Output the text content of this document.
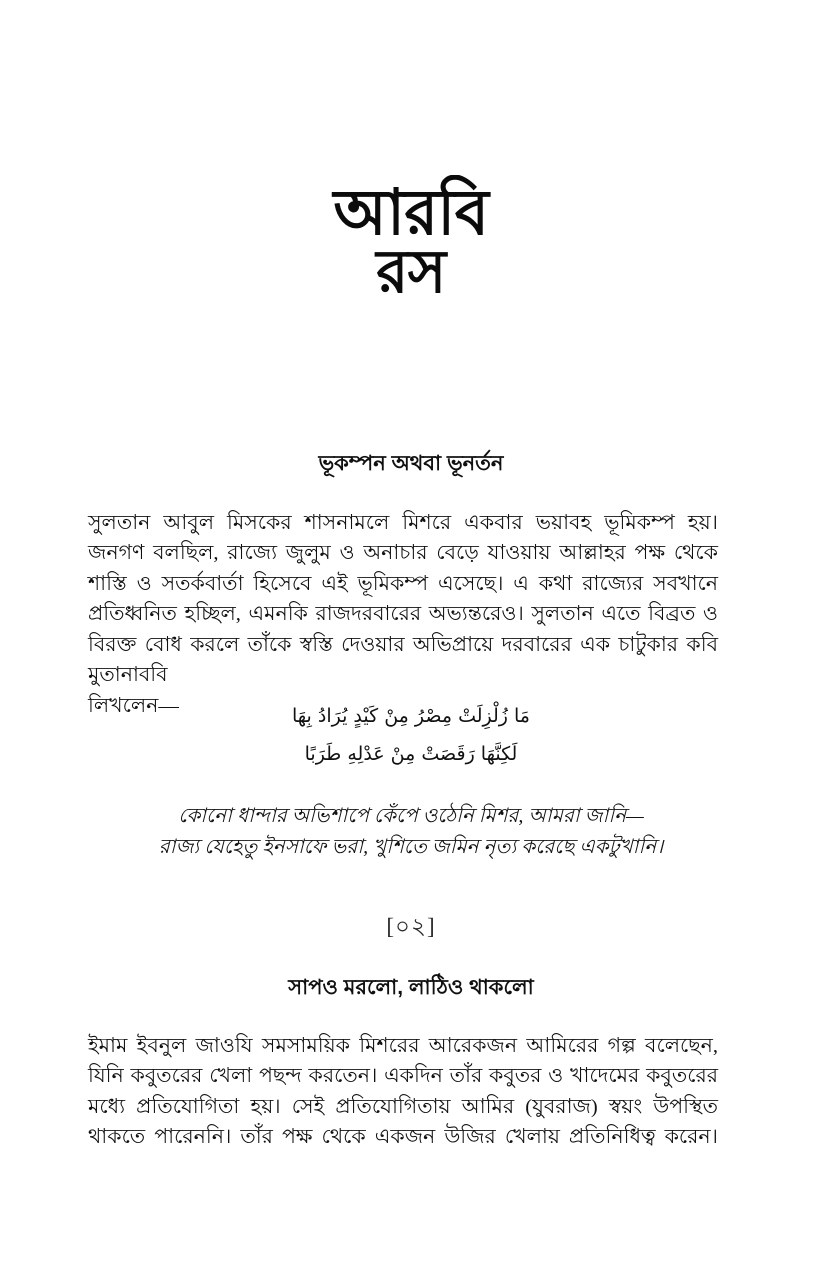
আরবি
রস
ভূকম্পন অথবা ভূনর্তন

সুলতান আবুল মিসকের শাসনামলে মিশরে একবার ভয়াবহ ভূমিকম্প হয়। জনগণ বলছিল, রাজ্যে জুলুম ও অনাচার বেড়ে যাওয়ায় আল্লাহর পক্ষ থেকে শাস্তি ও সতর্কবার্তা হিসেবে এই ভূমিকম্প এসেছে। এ কথা রাজ্যের সবখানে প্রতিধ্বনিত হচ্ছিল, এমনকি রাজদরবারের অভ্যন্তরেও। সুলতান এতে বিব্রত ও বিরক্ত বোধ করলে তাঁকে স্বস্তি দেওয়ার অভিপ্রায়ে দরবারের এক চাটুকার কবি মুতানাববি
লিখলেন—	مَا زُلْزِلَتْ مِصْرُ مِنْ كَيْدٍ يُرَادُ بِهَا
لَكِنَّهَا رَقَصَتْ مِنْ عَدْلِهِ طَرَبًا
কোনো ধান্দার অভিশাপে কেঁপে ওঠেনি মিশর, আমরা জানি—
রাজ্য যেহেতু ইনসাফে ভরা, খুশিতে জমিন নৃত্য করেছে একটুখানি।
[০২]
সাপও মরলো, লাঠিও থাকলো

ইমাম ইবনুল জাওযি সমসাময়িক মিশরের আরেকজন আমিরের গল্প বলেছেন, যিনি কবুতরের খেলা পছন্দ করতেন। একদিন তাঁর কবুতর ও খাদেমের কবুতরের মধ্যে প্রতিযোগিতা হয়। সেই প্রতিযোগিতায় আমির (যুবরাজ) স্বয়ং উপস্থিত থাকতে পারেননি। তাঁর পক্ষ থেকে একজন উজির খেলায় প্রতিনিধিত্ব করেন।
